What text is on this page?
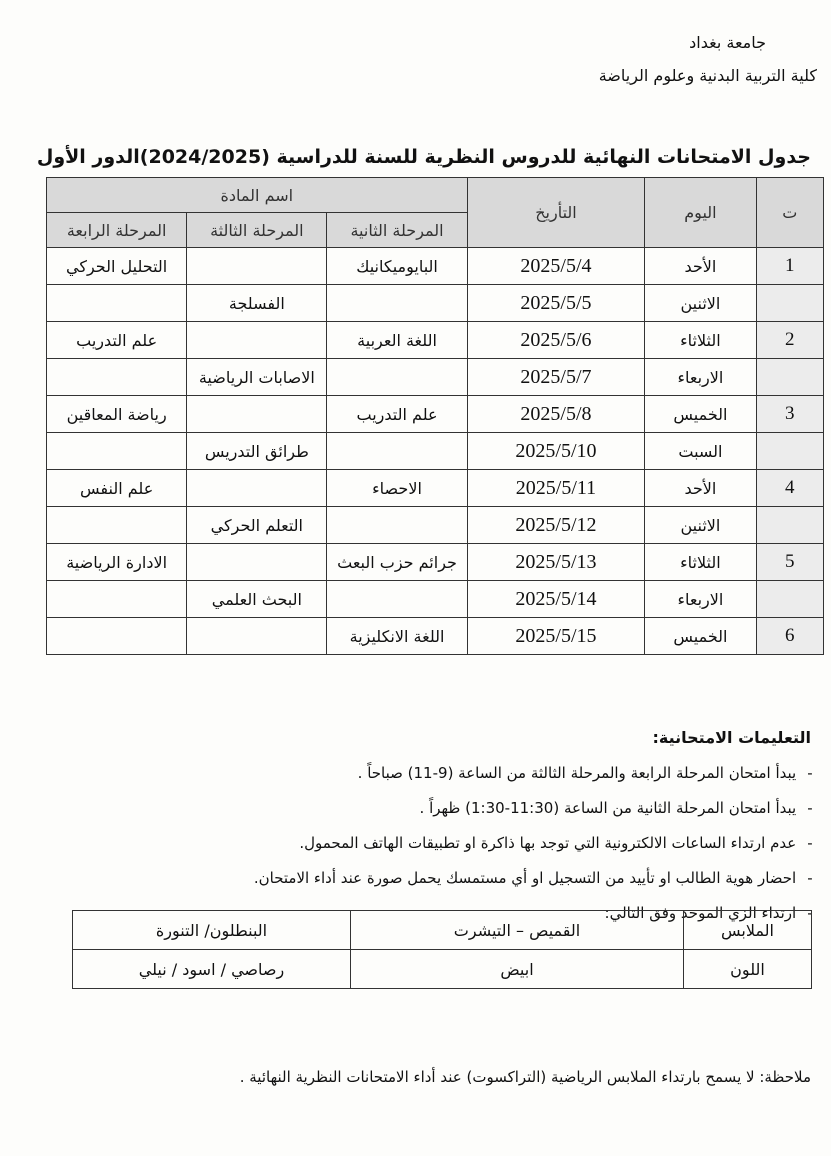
جامعة بغداد
كلية التربية البدنية وعلوم الرياضة
جدول الامتحانات النهائية للدروس النظرية للسنة للدراسية (2024/2025)الدور الأول
ت	اليوم	التأريخ	اسم المادة		
			المرحلة الثانية	المرحلة الثالثة	المرحلة الرابعة
1	الأحد	2025/5/4	البايوميكانيك		التحليل الحركي
	الاثنين	2025/5/5		الفسلجة	
2	الثلاثاء	2025/5/6	اللغة العربية		علم التدريب
	الاربعاء	2025/5/7		الاصابات الرياضية	
3	الخميس	2025/5/8	علم التدريب		رياضة المعاقين
	السبت	2025/5/10		طرائق التدريس	
4	الأحد	2025/5/11	الاحصاء		علم النفس
	الاثنين	2025/5/12		التعلم الحركي	
5	الثلاثاء	2025/5/13	جرائم حزب البعث		الادارة الرياضية
	الاربعاء	2025/5/14		البحث العلمي	
6	الخميس	2025/5/15	اللغة الانكليزية		
التعليمات الامتحانية:
- يبدأ امتحان المرحلة الرابعة والمرحلة الثالثة من الساعة (9-11) صباحاً .
- يبدأ امتحان المرحلة الثانية من الساعة (11:30-1:30) ظهراً .
- عدم ارتداء الساعات الالكترونية التي توجد بها ذاكرة او تطبيقات الهاتف المحمول.
- احضار هوية الطالب او تأييد من التسجيل او أي مستمسك يحمل صورة عند أداء الامتحان.
- ارتداء الزي الموحد وفق التالي:
الملابس	القميص – التيشرت	البنطلون/ التنورة
اللون	ابيض	رصاصي / اسود / نيلي
ملاحظة: لا يسمح بارتداء الملابس الرياضية (التراكسوت) عند أداء الامتحانات النظرية النهائية .
